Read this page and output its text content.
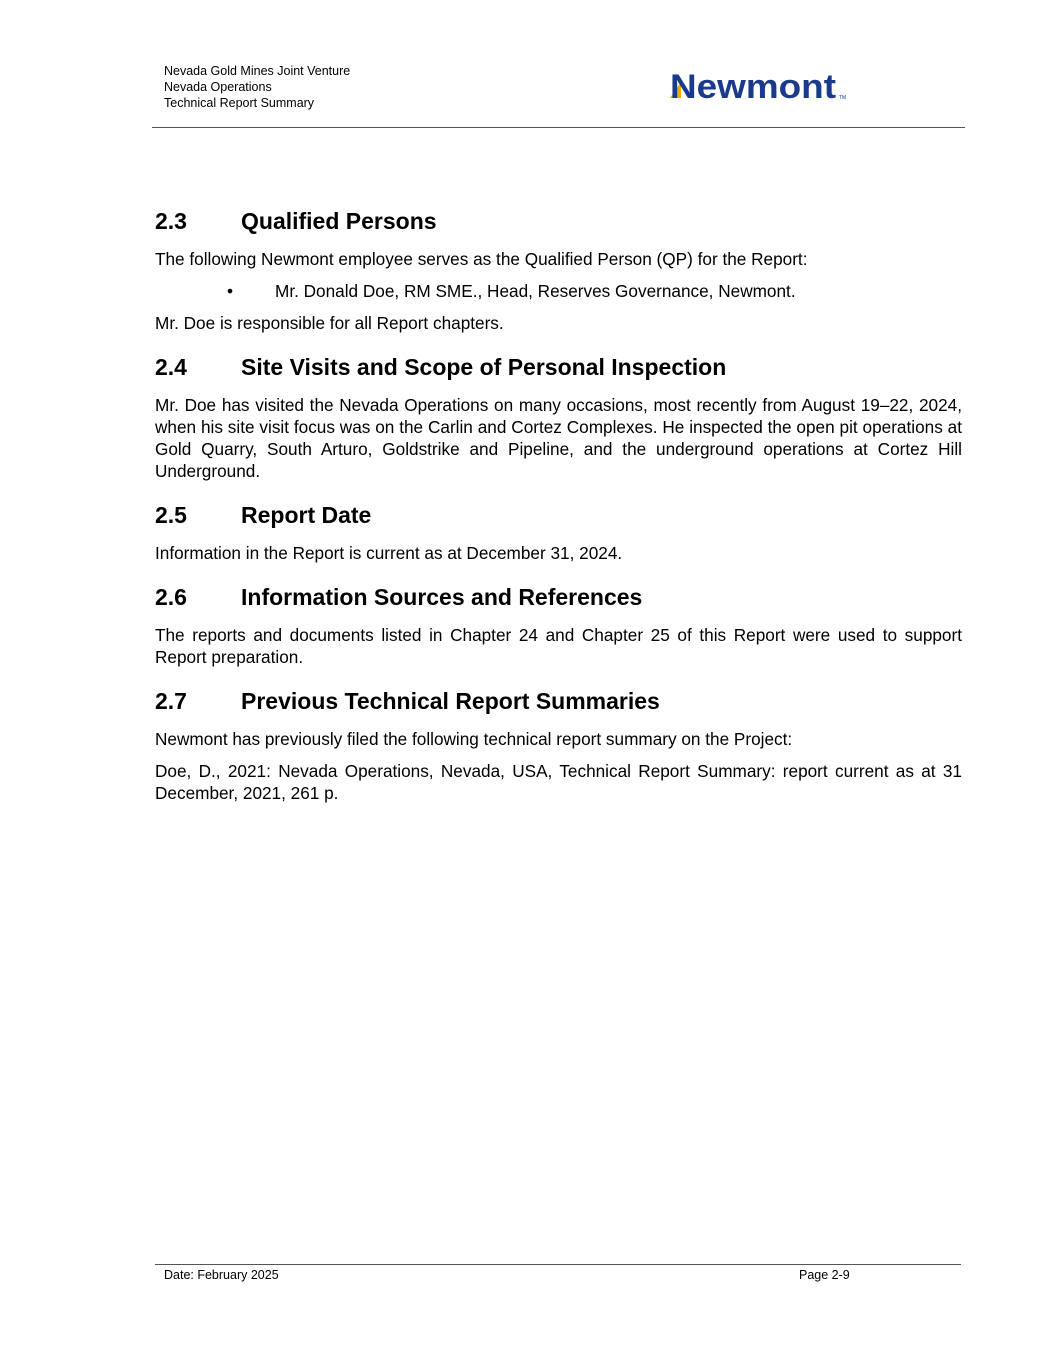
Nevada Gold Mines Joint Venture
Nevada Operations
Technical Report Summary	Newmont TM
2.3	Qualified Persons

The following Newmont employee serves as the Qualified Person (QP) for the Report:

•	Mr. Donald Doe, RM SME., Head, Reserves Governance, Newmont.

Mr. Doe is responsible for all Report chapters.

2.4	Site Visits and Scope of Personal Inspection

Mr. Doe has visited the Nevada Operations on many occasions, most recently from August 19–22, 2024, when his site visit focus was on the Carlin and Cortez Complexes. He inspected the open pit operations at Gold Quarry, South Arturo, Goldstrike and Pipeline, and the underground operations at Cortez Hill Underground.

2.5	Report Date

Information in the Report is current as at December 31, 2024.

2.6	Information Sources and References

The reports and documents listed in Chapter 24 and Chapter 25 of this Report were used to support Report preparation.

2.7	Previous Technical Report Summaries

Newmont has previously filed the following technical report summary on the Project:

Doe, D., 2021: Nevada Operations, Nevada, USA, Technical Report Summary: report current as at 31 December, 2021, 261 p.

Date: February 2025	Page 2-9
